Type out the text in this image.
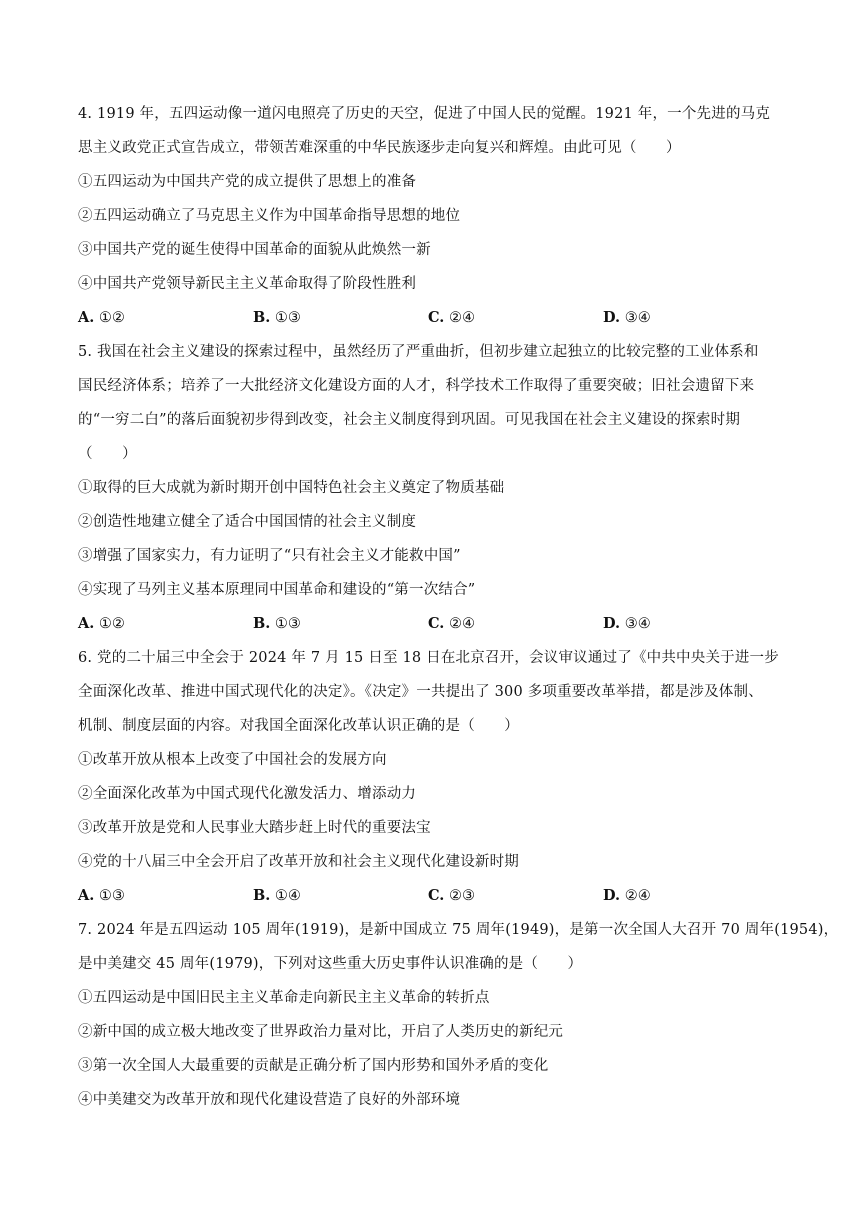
4. 1919 年，五四运动像一道闪电照亮了历史的天空，促进了中国人民的觉醒。1921 年，一个先进的马克
思主义政党正式宣告成立，带领苦难深重的中华民族逐步走向复兴和辉煌。由此可见（　　）
①五四运动为中国共产党的成立提供了思想上的准备
②五四运动确立了马克思主义作为中国革命指导思想的地位
③中国共产党的诞生使得中国革命的面貌从此焕然一新
④中国共产党领导新民主主义革命取得了阶段性胜利
A. ①②	B. ①③	C. ②④	D. ③④
5. 我国在社会主义建设的探索过程中，虽然经历了严重曲折，但初步建立起独立的比较完整的工业体系和
国民经济体系；培养了一大批经济文化建设方面的人才，科学技术工作取得了重要突破；旧社会遗留下来
的“一穷二白”的落后面貌初步得到改变，社会主义制度得到巩固。可见我国在社会主义建设的探索时期
（　　）
①取得的巨大成就为新时期开创中国特色社会主义奠定了物质基础
②创造性地建立健全了适合中国国情的社会主义制度
③增强了国家实力，有力证明了“只有社会主义才能救中国”
④实现了马列主义基本原理同中国革命和建设的“第一次结合”
A. ①②	B. ①③	C. ②④	D. ③④
6. 党的二十届三中全会于 2024 年 7 月 15 日至 18 日在北京召开，会议审议通过了《中共中央关于进一步
全面深化改革、推进中国式现代化的决定》。《决定》一共提出了 300 多项重要改革举措，都是涉及体制、
机制、制度层面的内容。对我国全面深化改革认识正确的是（　　）
①改革开放从根本上改变了中国社会的发展方向
②全面深化改革为中国式现代化激发活力、增添动力
③改革开放是党和人民事业大踏步赶上时代的重要法宝
④党的十八届三中全会开启了改革开放和社会主义现代化建设新时期
A. ①③	B. ①④	C. ②③	D. ②④
7. 2024 年是五四运动 105 周年(1919)，是新中国成立 75 周年(1949)，是第一次全国人大召开 70 周年(1954)，
是中美建交 45 周年(1979)，下列对这些重大历史事件认识准确的是（　　）
①五四运动是中国旧民主主义革命走向新民主主义革命的转折点
②新中国的成立极大地改变了世界政治力量对比，开启了人类历史的新纪元
③第一次全国人大最重要的贡献是正确分析了国内形势和国外矛盾的变化
④中美建交为改革开放和现代化建设营造了良好的外部环境
